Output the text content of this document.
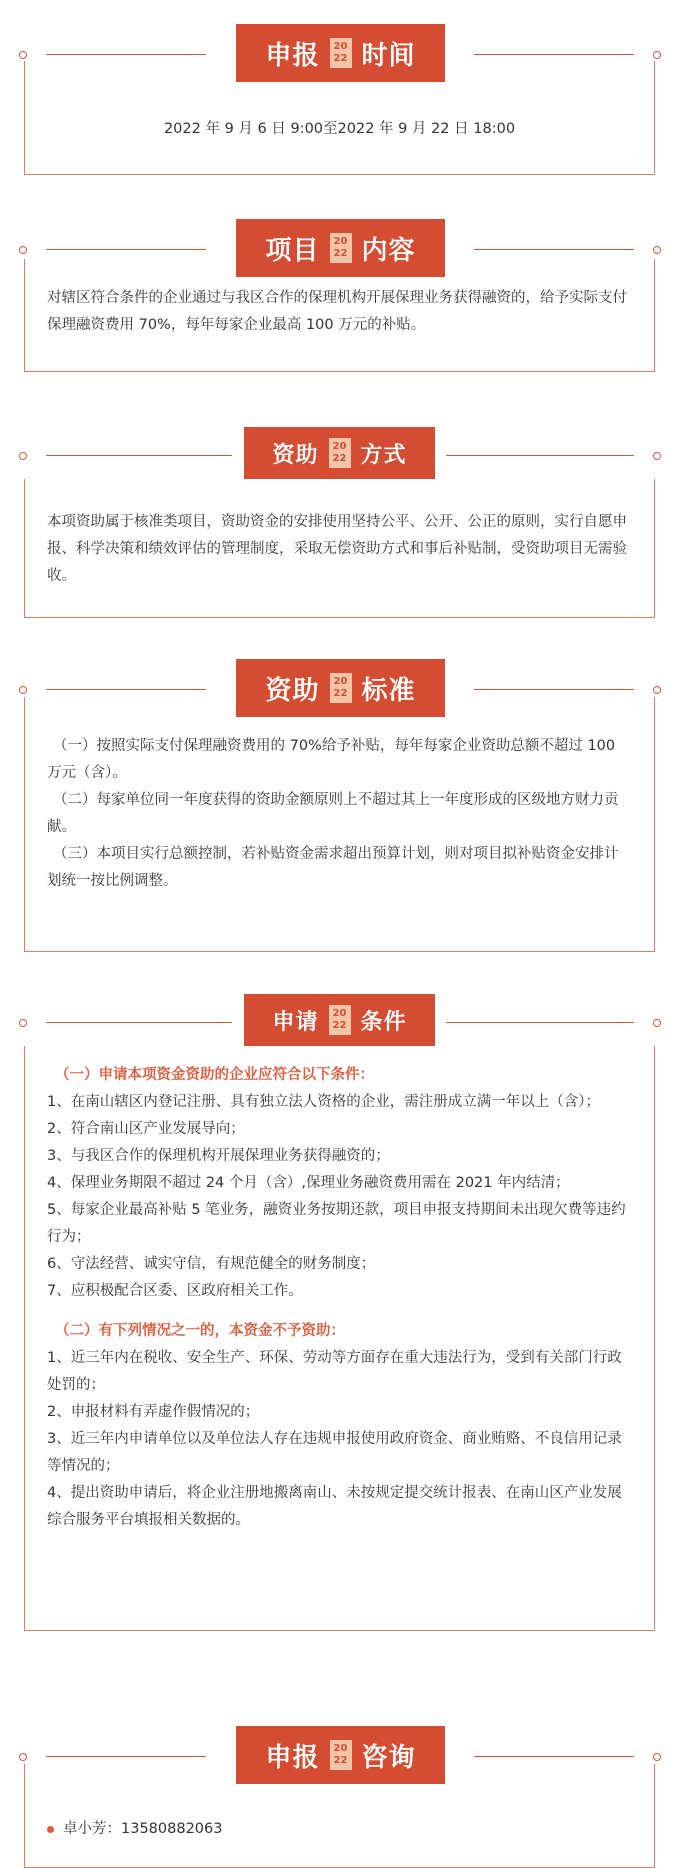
申报 20
22 时间

2022 年 9 月 6 日 9:00至2022 年 9 月 22 日 18:00

项目 20
22 内容

对辖区符合条件的企业通过与我区合作的保理机构开展保理业务获得融资的，给予实际支付保理融资费用 70%，每年每家企业最高 100 万元的补贴。

资助 20
22 方式

本项资助属于核准类项目，资助资金的安排使用坚持公平、公开、公正的原则，实行自愿申报、科学决策和绩效评估的管理制度，采取无偿资助方式和事后补贴制，受资助项目无需验收。

资助 20
22 标准

（一）按照实际支付保理融资费用的 70%给予补贴，每年每家企业资助总额不超过 100 万元（含）。

（二）每家单位同一年度获得的资助金额原则上不超过其上一年度形成的区级地方财力贡献。

（三）本项目实行总额控制，若补贴资金需求超出预算计划，则对项目拟补贴资金安排计划统一按比例调整。

申请 20
22 条件

（一）申请本项资金资助的企业应符合以下条件：

1、在南山辖区内登记注册、具有独立法人资格的企业，需注册成立满一年以上（含）；

2、符合南山区产业发展导向；

3、与我区合作的保理机构开展保理业务获得融资的；

4、保理业务期限不超过 24 个月（含）,保理业务融资费用需在 2021 年内结清；

5、每家企业最高补贴 5 笔业务，融资业务按期还款，项目申报支持期间未出现欠费等违约行为；

6、守法经营、诚实守信，有规范健全的财务制度；

7、应积极配合区委、区政府相关工作。

（二）有下列情况之一的，本资金不予资助：

1、近三年内在税收、安全生产、环保、劳动等方面存在重大违法行为，受到有关部门行政处罚的；

2、申报材料有弄虚作假情况的；

3、近三年内申请单位以及单位法人存在违规申报使用政府资金、商业贿赂、不良信用记录等情况的；

4、提出资助申请后，将企业注册地搬离南山、未按规定提交统计报表、在南山区产业发展综合服务平台填报相关数据的。

申报 20
22 咨询

卓小芳：13580882063
